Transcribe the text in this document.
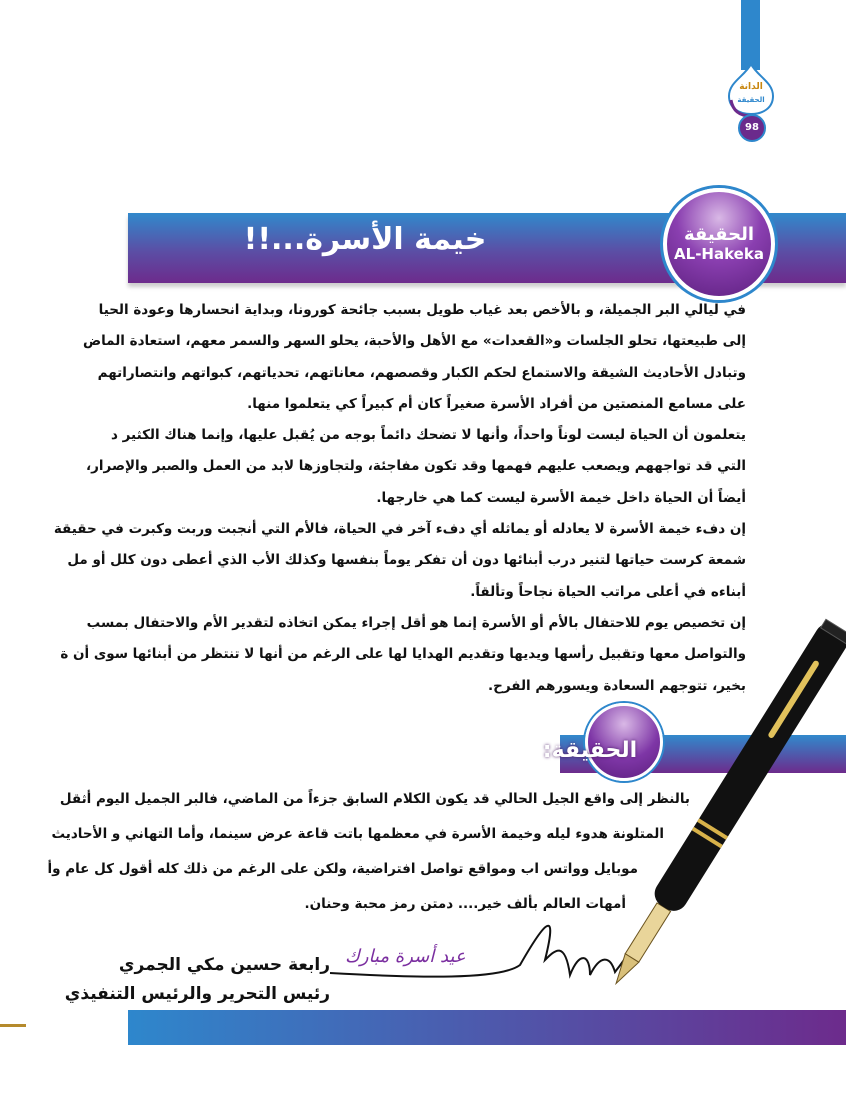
الدانة
الحقيقة
98
خيمة الأسرة...!!	الحقيقة
AL-Hakeka
في ليالي البر الجميلة، و بالأخص بعد غياب طويل بسبب جائحة كورونا، وبداية انحسارها وعودة الحيا
إلى طبيعتها، تحلو الجلسات و«القعدات» مع الأهل والأحبة، يحلو السهر والسمر معهم، استعادة الماض
وتبادل الأحاديث الشيقة والاستماع لحكم الكبار وقصصهم، معاناتهم، تحدياتهم، كبواتهم وانتصاراتهم
على مسامع المنصتين من أفراد الأسرة صغيراً كان أم كبيراً كي يتعلموا منها.
يتعلمون أن الحياة ليست لوناً واحداً، وأنها لا تضحك دائماً بوجه من يُقبل عليها، وإنما هناك الكثير د
التي قد تواجههم ويصعب عليهم فهمها وقد تكون مفاجئة، ولتجاوزها لابد من العمل والصبر والإصرار،
أيضاً أن الحياة داخل خيمة الأسرة ليست كما هي خارجها.
إن دفء خيمة الأسرة لا يعادله أو يماثله أي دفء آخر في الحياة، فالأم التي أنجبت وربت وكبرت في حقيقة
شمعة كرست حياتها لتنير درب أبنائها دون أن تفكر يوماً بنفسها وكذلك الأب الذي أعطى دون كلل أو مل
أبناءه في أعلى مراتب الحياة نجاحاً وتألقاً.
إن تخصيص يوم للاحتفال بالأم أو الأسرة إنما هو أقل إجراء يمكن اتخاذه لتقدير الأم والاحتفال بمسب
والتواصل معها وتقبيل رأسها ويديها وتقديم الهدايا لها على الرغم من أنها لا تنتظر من أبنائها سوى أن ة
بخير، تتوجهم السعادة ويسورهم الفرح.
الحقيقة:
بالنظر إلى واقع الجيل الحالي قد يكون الكلام السابق جزءاً من الماضي، فالبر الجميل اليوم أثقل
المتلونة هدوء ليله وخيمة الأسرة في معظمها باتت قاعة عرض سينما، وأما التهاني و الأحاديث
موبايل وواتس اب ومواقع تواصل افتراضية، ولكن على الرغم من ذلك كله أقول كل عام وأ
أمهات العالم بألف خير.... دمتن رمز محبة وحنان.
عيد أسرة مبارك
رابعة حسين مكي الجمري
رئيس التحرير والرئيس التنفيذي
